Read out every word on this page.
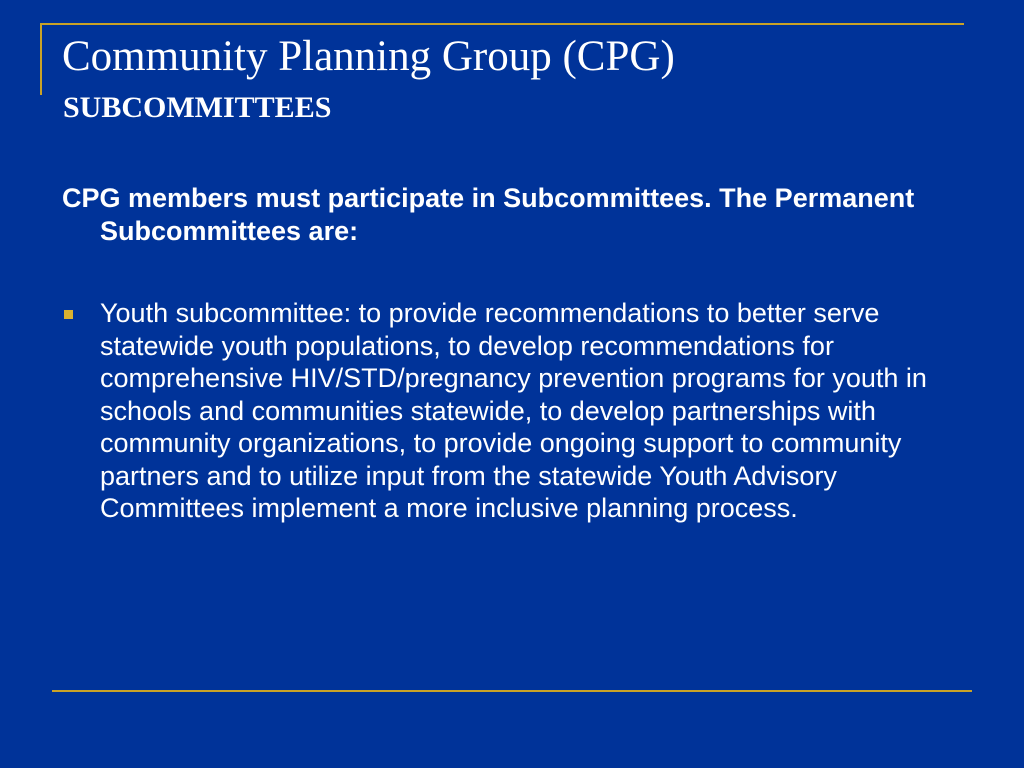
Community Planning Group (CPG)
SUBCOMMITTEES

CPG members must participate in Subcommittees. The Permanent Subcommittees are:

Youth subcommittee: to provide recommendations to better serve statewide youth populations, to develop recommendations for comprehensive HIV/STD/pregnancy prevention programs for youth in schools and communities statewide, to develop partnerships with community organizations, to provide ongoing support to community partners and to utilize input from the statewide Youth Advisory Committees implement a more inclusive planning process.
